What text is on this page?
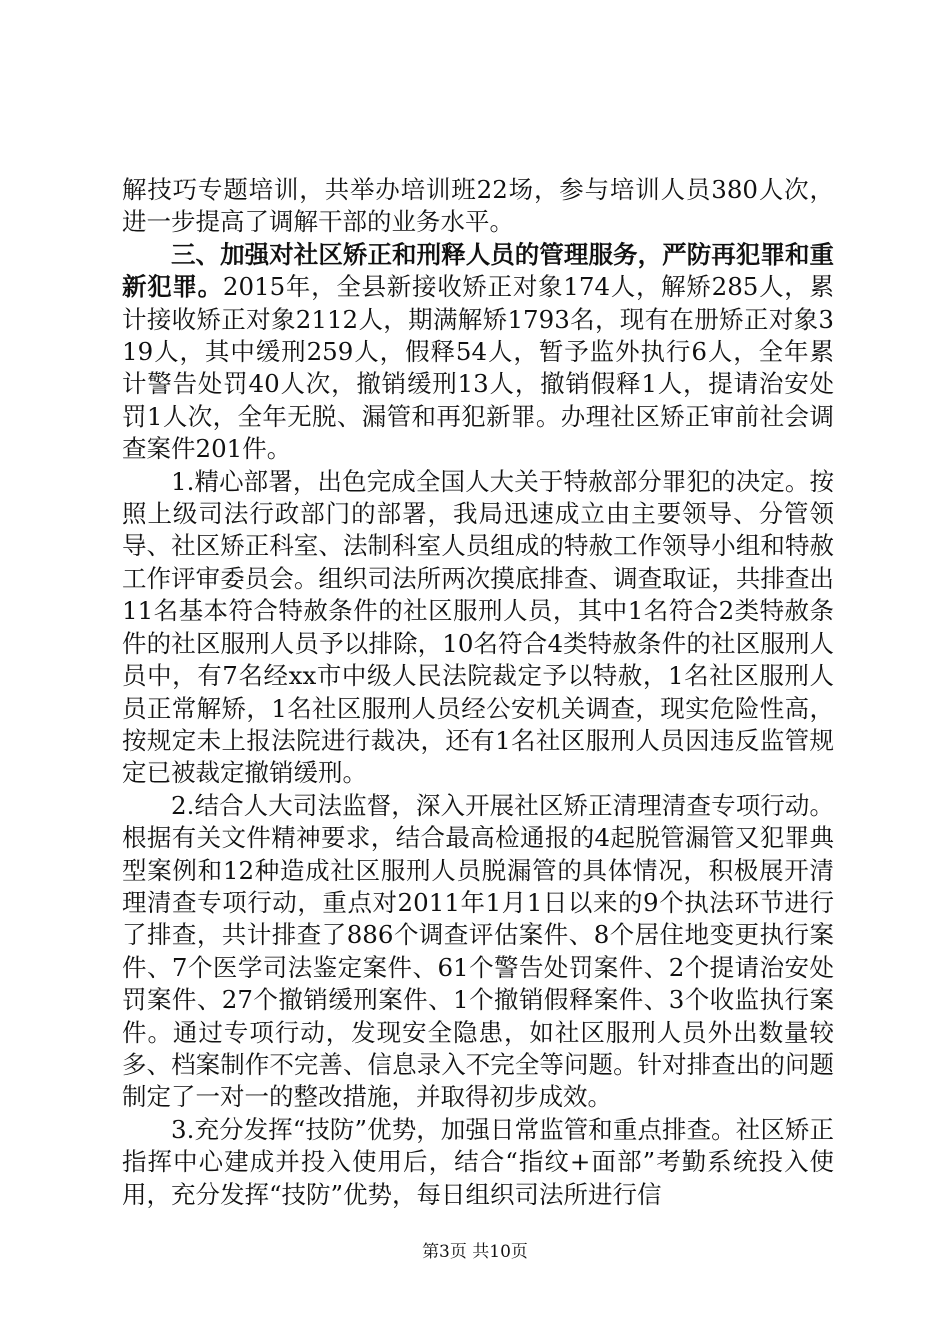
解技巧专题培训，共举办培训班22场，参与培训人员380人次，进一步提高了调解干部的业务水平。

三、加强对社区矫正和刑释人员的管理服务，严防再犯罪和重新犯罪。2015年，全县新接收矫正对象174人，解矫285人，累计接收矫正对象2112人，期满解矫1793名，现有在册矫正对象319人，其中缓刑259人，假释54人，暂予监外执行6人，全年累计警告处罚40人次，撤销缓刑13人，撤销假释1人，提请治安处罚1人次，全年无脱、漏管和再犯新罪。办理社区矫正审前社会调查案件201件。

1.精心部署，出色完成全国人大关于特赦部分罪犯的决定。按照上级司法行政部门的部署，我局迅速成立由主要领导、分管领导、社区矫正科室、法制科室人员组成的特赦工作领导小组和特赦工作评审委员会。组织司法所两次摸底排查、调查取证，共排查出11名基本符合特赦条件的社区服刑人员，其中1名符合2类特赦条件的社区服刑人员予以排除，10名符合4类特赦条件的社区服刑人员中，有7名经xx市中级人民法院裁定予以特赦，1名社区服刑人员正常解矫，1名社区服刑人员经公安机关调查，现实危险性高，按规定未上报法院进行裁决，还有1名社区服刑人员因违反监管规定已被裁定撤销缓刑。

2.结合人大司法监督，深入开展社区矫正清理清查专项行动。根据有关文件精神要求，结合最高检通报的4起脱管漏管又犯罪典型案例和12种造成社区服刑人员脱漏管的具体情况，积极展开清理清查专项行动，重点对2011年1月1日以来的9个执法环节进行了排查，共计排查了886个调查评估案件、8个居住地变更执行案件、7个医学司法鉴定案件、61个警告处罚案件、2个提请治安处罚案件、27个撤销缓刑案件、1个撤销假释案件、3个收监执行案件。通过专项行动，发现安全隐患，如社区服刑人员外出数量较多、档案制作不完善、信息录入不完全等问题。针对排查出的问题制定了一对一的整改措施，并取得初步成效。

3.充分发挥“技防”优势，加强日常监管和重点排查。社区矫正指挥中心建成并投入使用后，结合“指纹+面部”考勤系统投入使用，充分发挥“技防”优势，每日组织司法所进行信

第3页 共10页
